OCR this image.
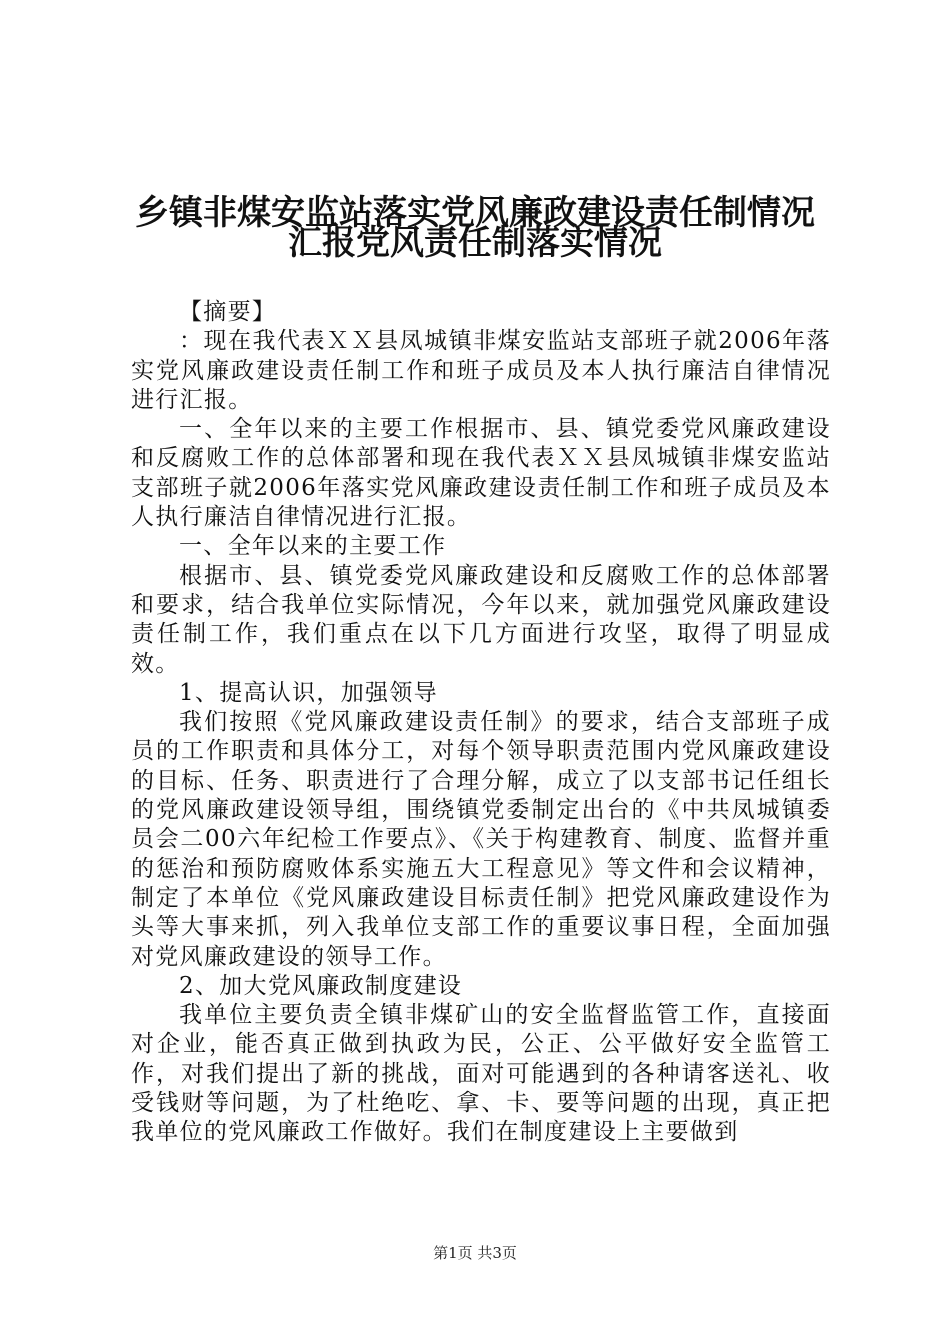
乡镇非煤安监站落实党风廉政建设责任制情况
汇报党风责任制落实情况

【摘要】

：现在我代表ＸＸ县凤城镇非煤安监站支部班子就2006年落实党风廉政建设责任制工作和班子成员及本人执行廉洁自律情况进行汇报。

一、全年以来的主要工作根据市、县、镇党委党风廉政建设和反腐败工作的总体部署和现在我代表ＸＸ县凤城镇非煤安监站支部班子就2006年落实党风廉政建设责任制工作和班子成员及本人执行廉洁自律情况进行汇报。

一、全年以来的主要工作

根据市、县、镇党委党风廉政建设和反腐败工作的总体部署和要求，结合我单位实际情况，今年以来，就加强党风廉政建设责任制工作，我们重点在以下几方面进行攻坚，取得了明显成效。

1、提高认识，加强领导

我们按照《党风廉政建设责任制》的要求，结合支部班子成员的工作职责和具体分工，对每个领导职责范围内党风廉政建设的目标、任务、职责进行了合理分解，成立了以支部书记任组长的党风廉政建设领导组，围绕镇党委制定出台的《中共凤城镇委员会二00六年纪检工作要点》、《关于构建教育、制度、监督并重的惩治和预防腐败体系实施五大工程意见》等文件和会议精神，制定了本单位《党风廉政建设目标责任制》把党风廉政建设作为头等大事来抓，列入我单位支部工作的重要议事日程，全面加强对党风廉政建设的领导工作。

2、加大党风廉政制度建设

我单位主要负责全镇非煤矿山的安全监督监管工作，直接面对企业，能否真正做到执政为民，公正、公平做好安全监管工作，对我们提出了新的挑战，面对可能遇到的各种请客送礼、收受钱财等问题，为了杜绝吃、拿、卡、要等问题的出现，真正把我单位的党风廉政工作做好。我们在制度建设上主要做到

第1页 共3页
